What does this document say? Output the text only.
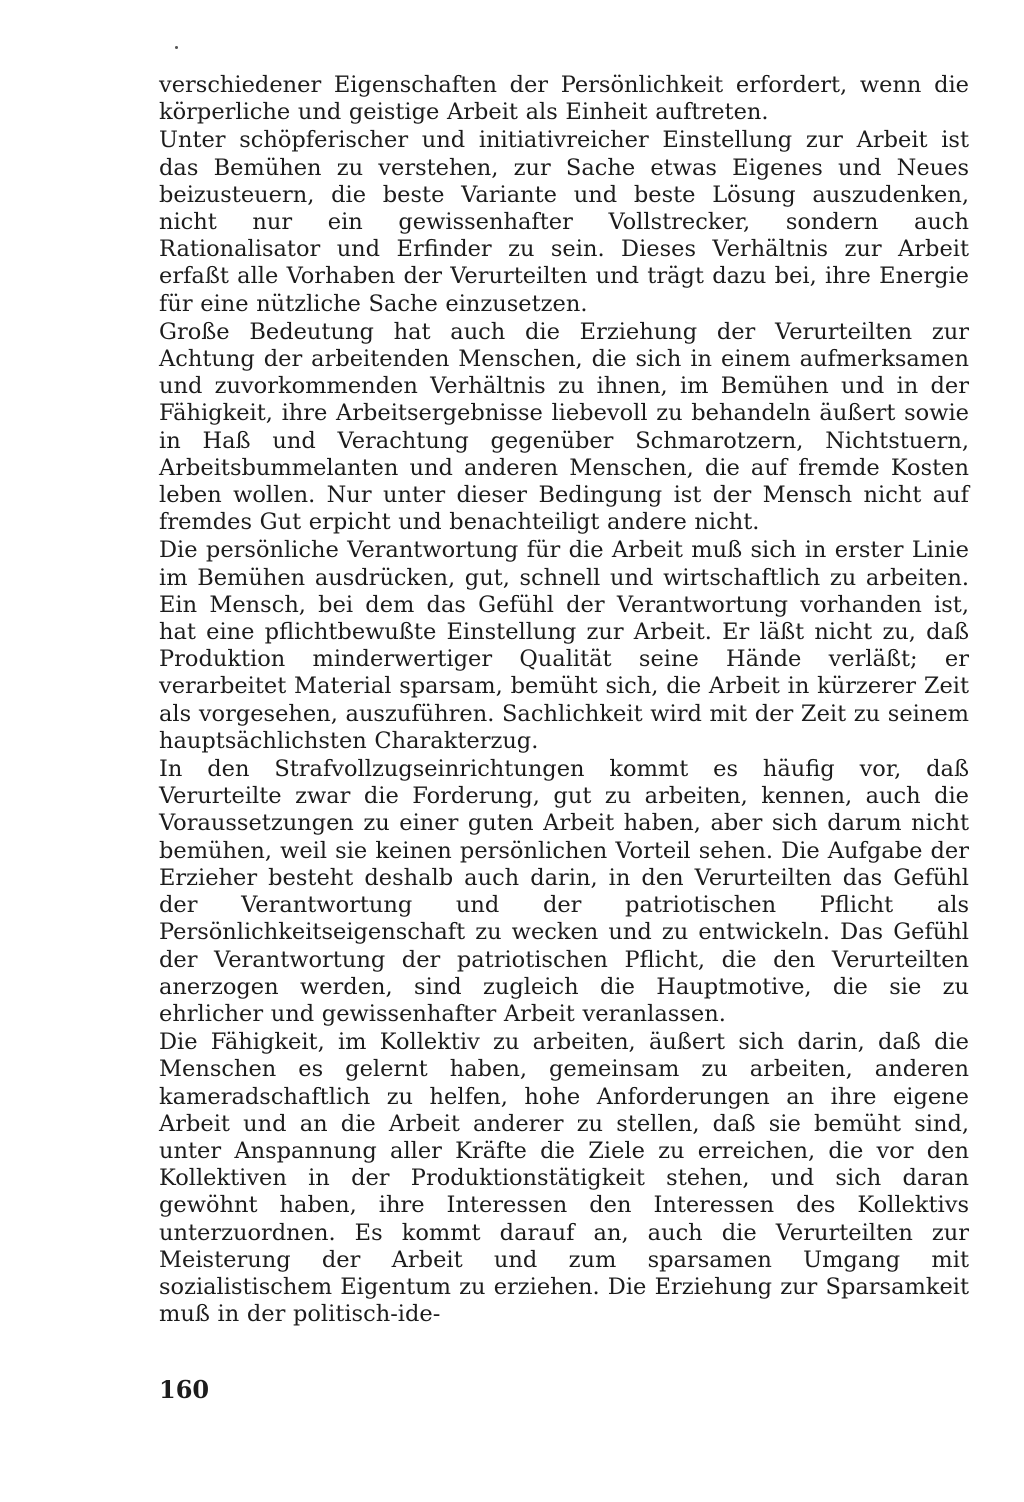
verschiedener Eigenschaften der Persönlichkeit erfordert, wenn die körperliche und geistige Arbeit als Einheit auftreten.

Unter schöpferischer und initiativreicher Einstellung zur Arbeit ist das Bemühen zu verstehen, zur Sache etwas Eigenes und Neues beizusteuern, die beste Variante und beste Lösung auszudenken, nicht nur ein gewissenhafter Vollstrecker, sondern auch Rationalisator und Erfinder zu sein. Dieses Verhältnis zur Arbeit erfaßt alle Vorhaben der Verurteilten und trägt dazu bei, ihre Energie für eine nützliche Sache einzusetzen.

Große Bedeutung hat auch die Erziehung der Verurteilten zur Achtung der arbeitenden Menschen, die sich in einem aufmerksamen und zuvorkommenden Verhältnis zu ihnen, im Bemühen und in der Fähigkeit, ihre Arbeitsergebnisse liebevoll zu behandeln äußert sowie in Haß und Verachtung gegenüber Schmarotzern, Nichtstuern, Arbeitsbummelanten und anderen Menschen, die auf fremde Kosten leben wollen. Nur unter dieser Bedingung ist der Mensch nicht auf fremdes Gut erpicht und benachteiligt andere nicht.

Die persönliche Verantwortung für die Arbeit muß sich in erster Linie im Bemühen ausdrücken, gut, schnell und wirtschaftlich zu arbeiten. Ein Mensch, bei dem das Gefühl der Verantwortung vorhanden ist, hat eine pflichtbewußte Einstellung zur Arbeit. Er läßt nicht zu, daß Produktion minderwertiger Qualität seine Hände verläßt; er verarbeitet Material sparsam, bemüht sich, die Arbeit in kürzerer Zeit als vorgesehen, auszuführen. Sachlichkeit wird mit der Zeit zu seinem hauptsächlichsten Charakterzug.

In den Strafvollzugseinrichtungen kommt es häufig vor, daß Verurteilte zwar die Forderung, gut zu arbeiten, kennen, auch die Voraussetzungen zu einer guten Arbeit haben, aber sich darum nicht bemühen, weil sie keinen persönlichen Vorteil sehen. Die Aufgabe der Erzieher besteht deshalb auch darin, in den Verurteilten das Gefühl der Verantwortung und der patriotischen Pflicht als Persönlichkeitseigenschaft zu wecken und zu entwickeln. Das Gefühl der Verantwortung der patriotischen Pflicht, die den Verurteilten anerzogen werden, sind zugleich die Hauptmotive, die sie zu ehrlicher und gewissenhafter Arbeit veranlassen.

Die Fähigkeit, im Kollektiv zu arbeiten, äußert sich darin, daß die Menschen es gelernt haben, gemeinsam zu arbeiten, anderen kameradschaftlich zu helfen, hohe Anforderungen an ihre eigene Arbeit und an die Arbeit anderer zu stellen, daß sie bemüht sind, unter Anspannung aller Kräfte die Ziele zu erreichen, die vor den Kollektiven in der Produktionstätigkeit stehen, und sich daran gewöhnt haben, ihre Interessen den Interessen des Kollektivs unterzuordnen. Es kommt darauf an, auch die Verurteilten zur Meisterung der Arbeit und zum sparsamen Umgang mit sozialistischem Eigentum zu erziehen. Die Erziehung zur Sparsamkeit muß in der politisch-ide-

160
